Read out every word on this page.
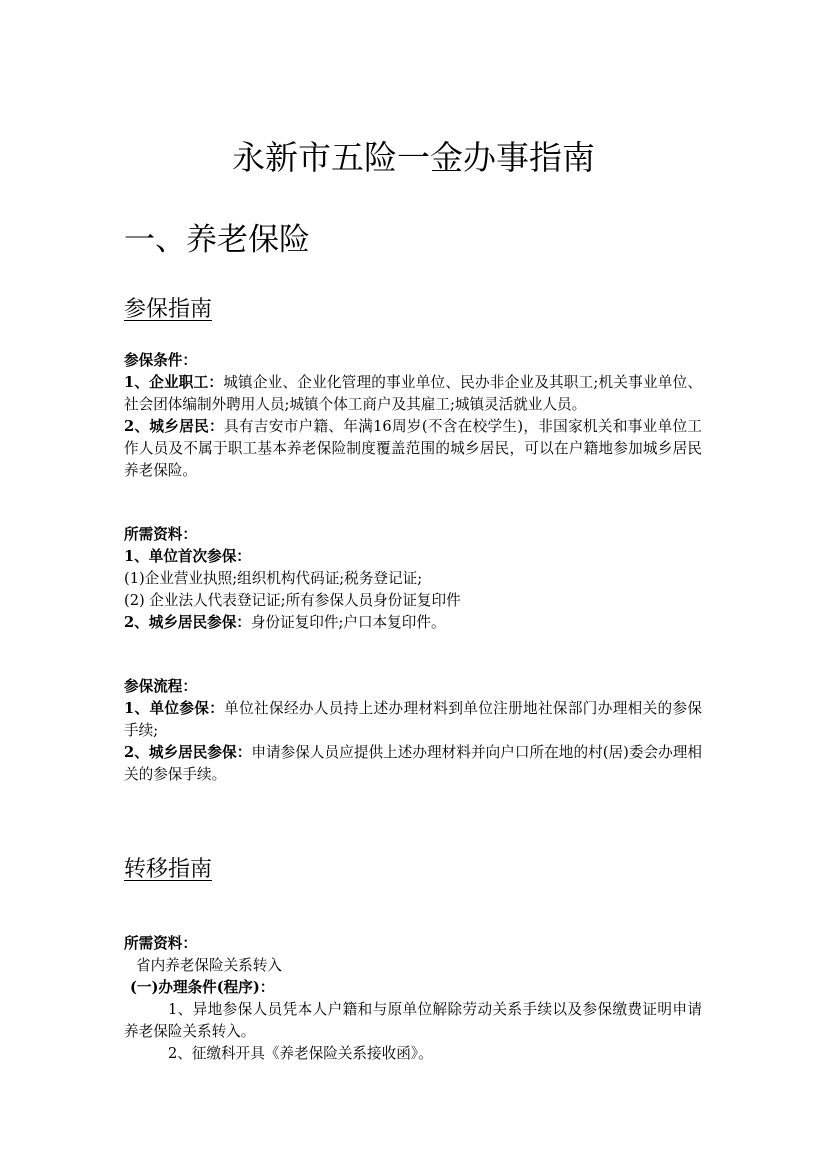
永新市五险一金办事指南
一、养老保险
参保指南

参保条件：

1、企业职工：城镇企业、企业化管理的事业单位、民办非企业及其职工;机关事业单位、社会团体编制外聘用人员;城镇个体工商户及其雇工;城镇灵活就业人员。

2、城乡居民：具有吉安市户籍、年满16周岁(不含在校学生)，非国家机关和事业单位工作人员及不属于职工基本养老保险制度覆盖范围的城乡居民，可以在户籍地参加城乡居民养老保险。

所需资料：

1、单位首次参保：

(1)企业营业执照;组织机构代码证;税务登记证;

(2) 企业法人代表登记证;所有参保人员身份证复印件

2、城乡居民参保：身份证复印件;户口本复印件。

参保流程：

1、单位参保：单位社保经办人员持上述办理材料到单位注册地社保部门办理相关的参保手续;

2、城乡居民参保：申请参保人员应提供上述办理材料并向户口所在地的村(居)委会办理相关的参保手续。

转移指南

所需资料：

省内养老保险关系转入

(一)办理条件(程序)：

1、异地参保人员凭本人户籍和与原单位解除劳动关系手续以及参保缴费证明申请养老保险关系转入。

2、征缴科开具《养老保险关系接收函》。
